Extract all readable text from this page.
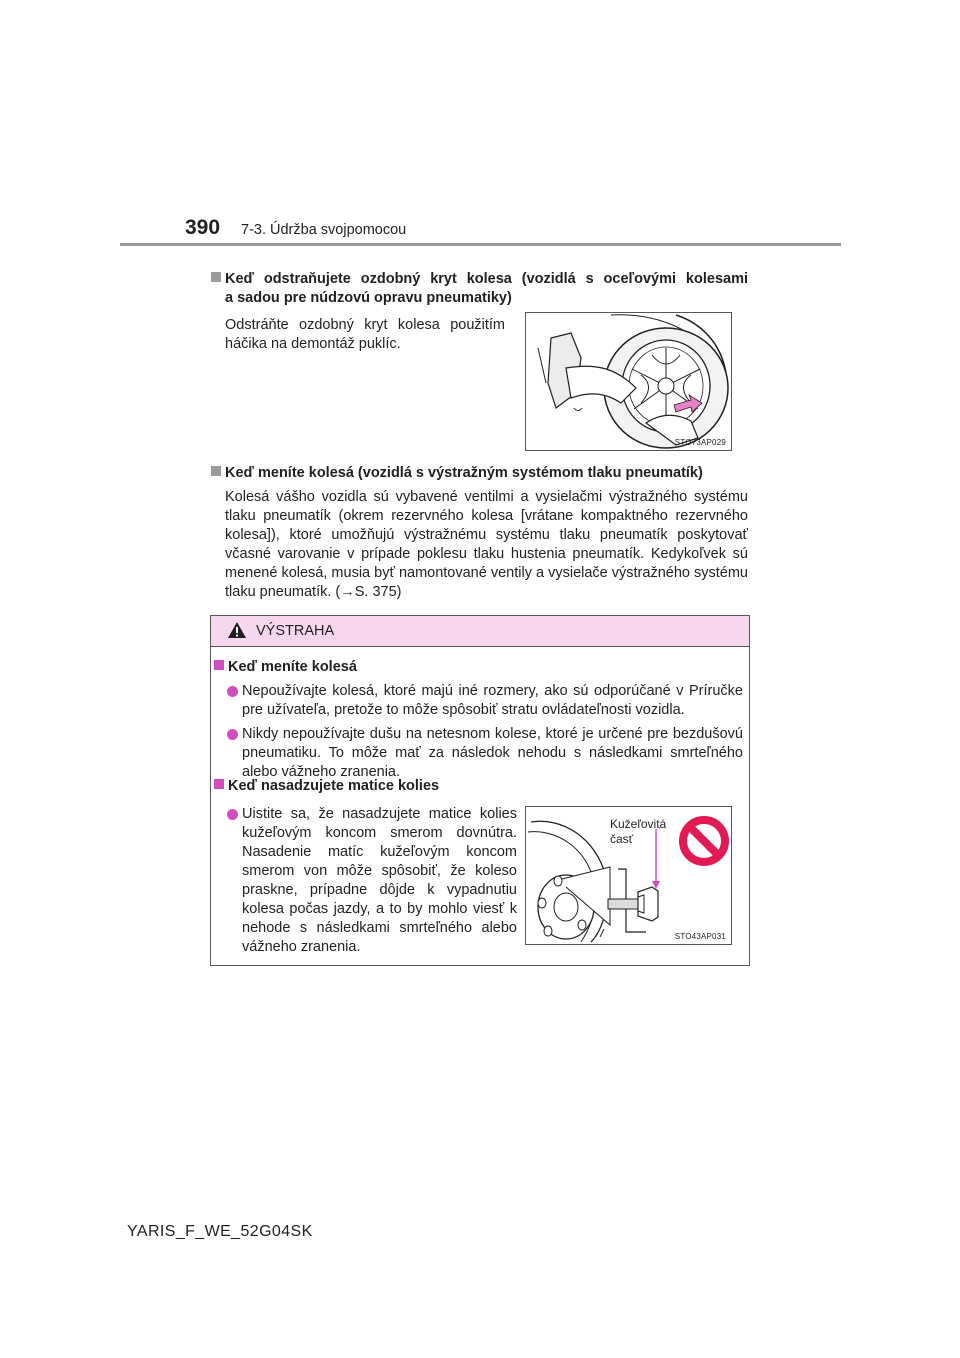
390 7-3. Údržba svojpomocou
Keď odstraňujete ozdobný kryt kolesa (vozidlá s oceľovými kolesami
a sadou pre núdzovú opravu pneumatiky)
Odstráňte ozdobný kryt kolesa použitím háčika na demontáž puklíc.
STO73AP029
Keď meníte kolesá (vozidlá s výstražným systémom tlaku pneumatík)
Kolesá vášho vozidla sú vybavené ventilmi a vysielačmi výstražného systému tlaku pneumatík (okrem rezervného kolesa [vrátane kompaktného rezervného kolesa]), ktoré umožňujú výstražnému systému tlaku pneumatík poskytovať včasné varovanie v prípade poklesu tlaku hustenia pneumatík. Kedykoľvek sú menené kolesá, musia byť namontované ventily a vysielače výstražného systému tlaku pneumatík. (→S. 375)
VÝSTRAHA
Keď meníte kolesá
Nepoužívajte kolesá, ktoré majú iné rozmery, ako sú odporúčané v Príručke pre užívateľa, pretože to môže spôsobiť stratu ovládateľnosti vozidla.
Nikdy nepoužívajte dušu na netesnom kolese, ktoré je určené pre bezdušovú pneumatiku. To môže mať za následok nehodu s následkami smrteľného alebo vážneho zranenia.
Keď nasadzujete matice kolies
Uistite sa, že nasadzujete matice kolies kužeľovým koncom smerom dovnútra. Nasadenie matíc kužeľovým koncom smerom von môže spôsobiť, že koleso praskne, prípadne dôjde k vypadnutiu kolesa počas jazdy, a to by mohlo viesť k nehode s následkami smrteľného alebo vážneho zranenia.
Kužeľovitá
časť
STO43AP031
YARIS_F_WE_52G04SK
